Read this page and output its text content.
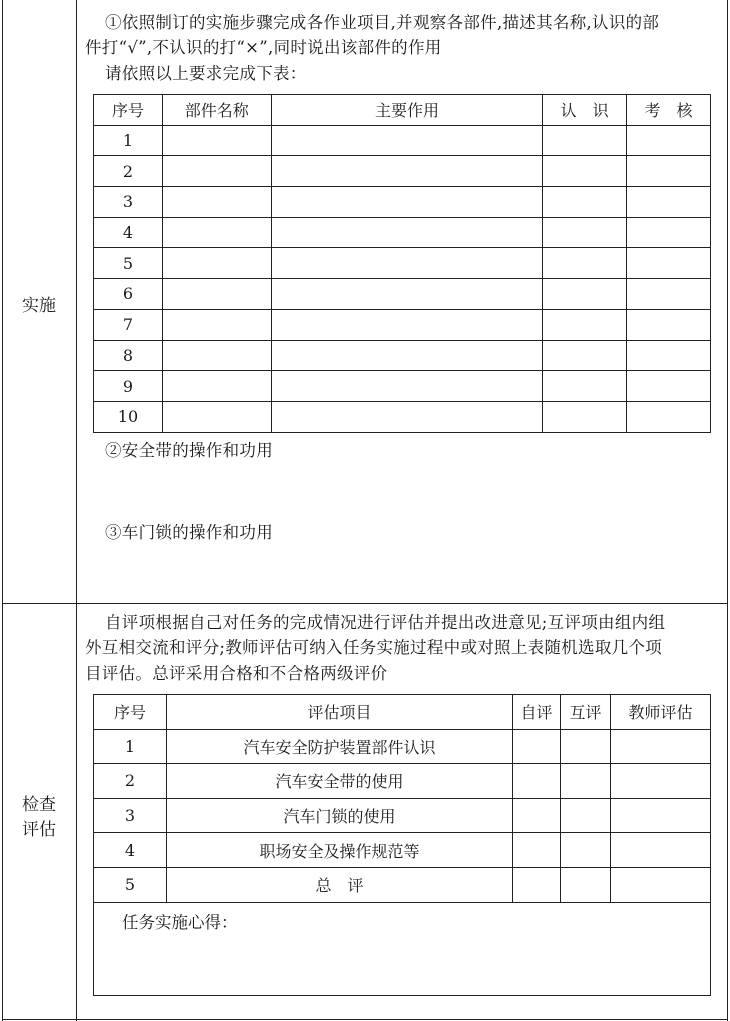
实施
①依照制订的实施步骤完成各作业项目,并观察各部件,描述其名称,认识的部
件打“√”,不认识的打“×”,同时说出该部件的作用
请依照以上要求完成下表：
序号	部件名称	主要作用	认　识	考　核
1				
2				
3				
4				
5				
6				
7				
8				
9				
10				
②安全带的操作和功用
③车门锁的操作和功用
检查
评估
自评项根据自己对任务的完成情况进行评估并提出改进意见;互评项由组内组
外互相交流和评分;教师评估可纳入任务实施过程中或对照上表随机选取几个项
目评估。总评采用合格和不合格两级评价
序号	评估项目	自评	互评	教师评估
1	汽车安全防护装置部件认识			
2	汽车安全带的使用			
3	汽车门锁的使用			
4	职场安全及操作规范等			
5	总　评			

任务实施心得：				
